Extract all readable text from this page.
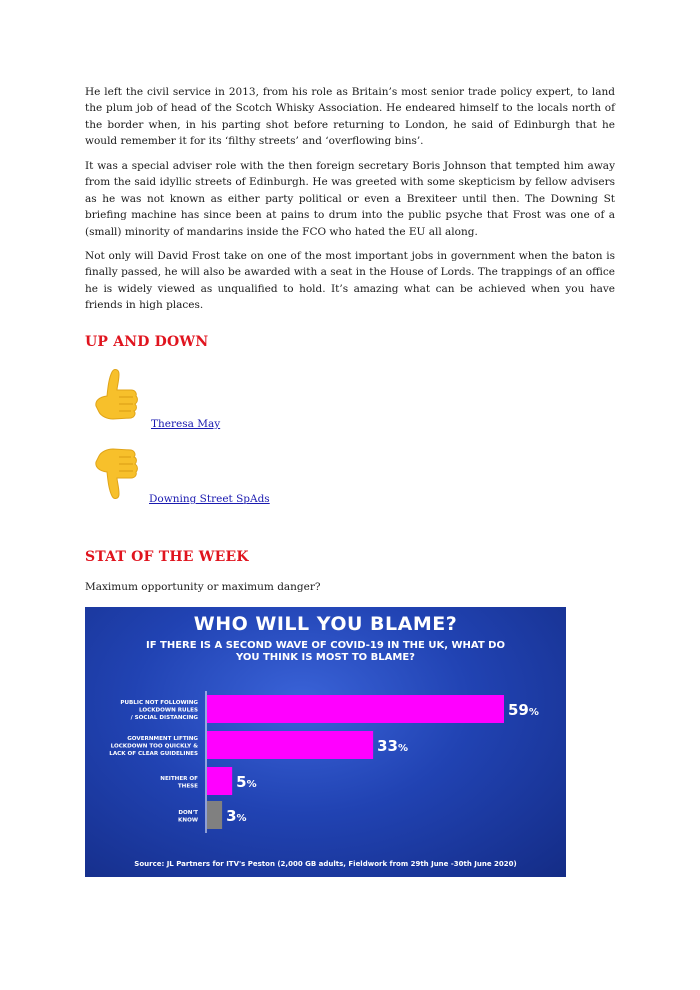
He left the civil service in 2013, from his role as Britain’s most senior trade policy expert, to land the plum job of head of the Scotch Whisky Association. He endeared himself to the locals north of the border when, in his parting shot before returning to London, he said of Edinburgh that he would remember it for its ‘filthy streets’ and ‘overflowing bins’.

It was a special adviser role with the then foreign secretary Boris Johnson that tempted him away from the said idyllic streets of Edinburgh. He was greeted with some skepticism by fellow advisers as he was not known as either party political or even a Brexiteer until then. The Downing St briefing machine has since been at pains to drum into the public psyche that Frost was one of a (small) minority of mandarins inside the FCO who hated the EU all along.

Not only will David Frost take on one of the most important jobs in government when the baton is finally passed, he will also be awarded with a seat in the House of Lords. The trappings of an office he is widely viewed as unqualified to hold. It’s amazing what can be achieved when you have friends in high places.

UP AND DOWN
Theresa May
Downing Street SpAds
STAT OF THE WEEK

Maximum opportunity or maximum danger?

WHO WILL YOU BLAME?
IF THERE IS A SECOND WAVE OF COVID-19 IN THE UK, WHAT DO YOU THINK IS MOST TO BLAME?
59%
PUBLIC NOT FOLLOWING LOCKDOWN RULES / SOCIAL DISTANCING
33%
GOVERNMENT LIFTING LOCKDOWN TOO QUICKLY & LACK OF CLEAR GUIDELINES
5%
NEITHER OF THESE
3%
DON'T KNOW
Source: JL Partners for ITV's Peston (2,000 GB adults, Fieldwork from 29th June -30th June 2020)
